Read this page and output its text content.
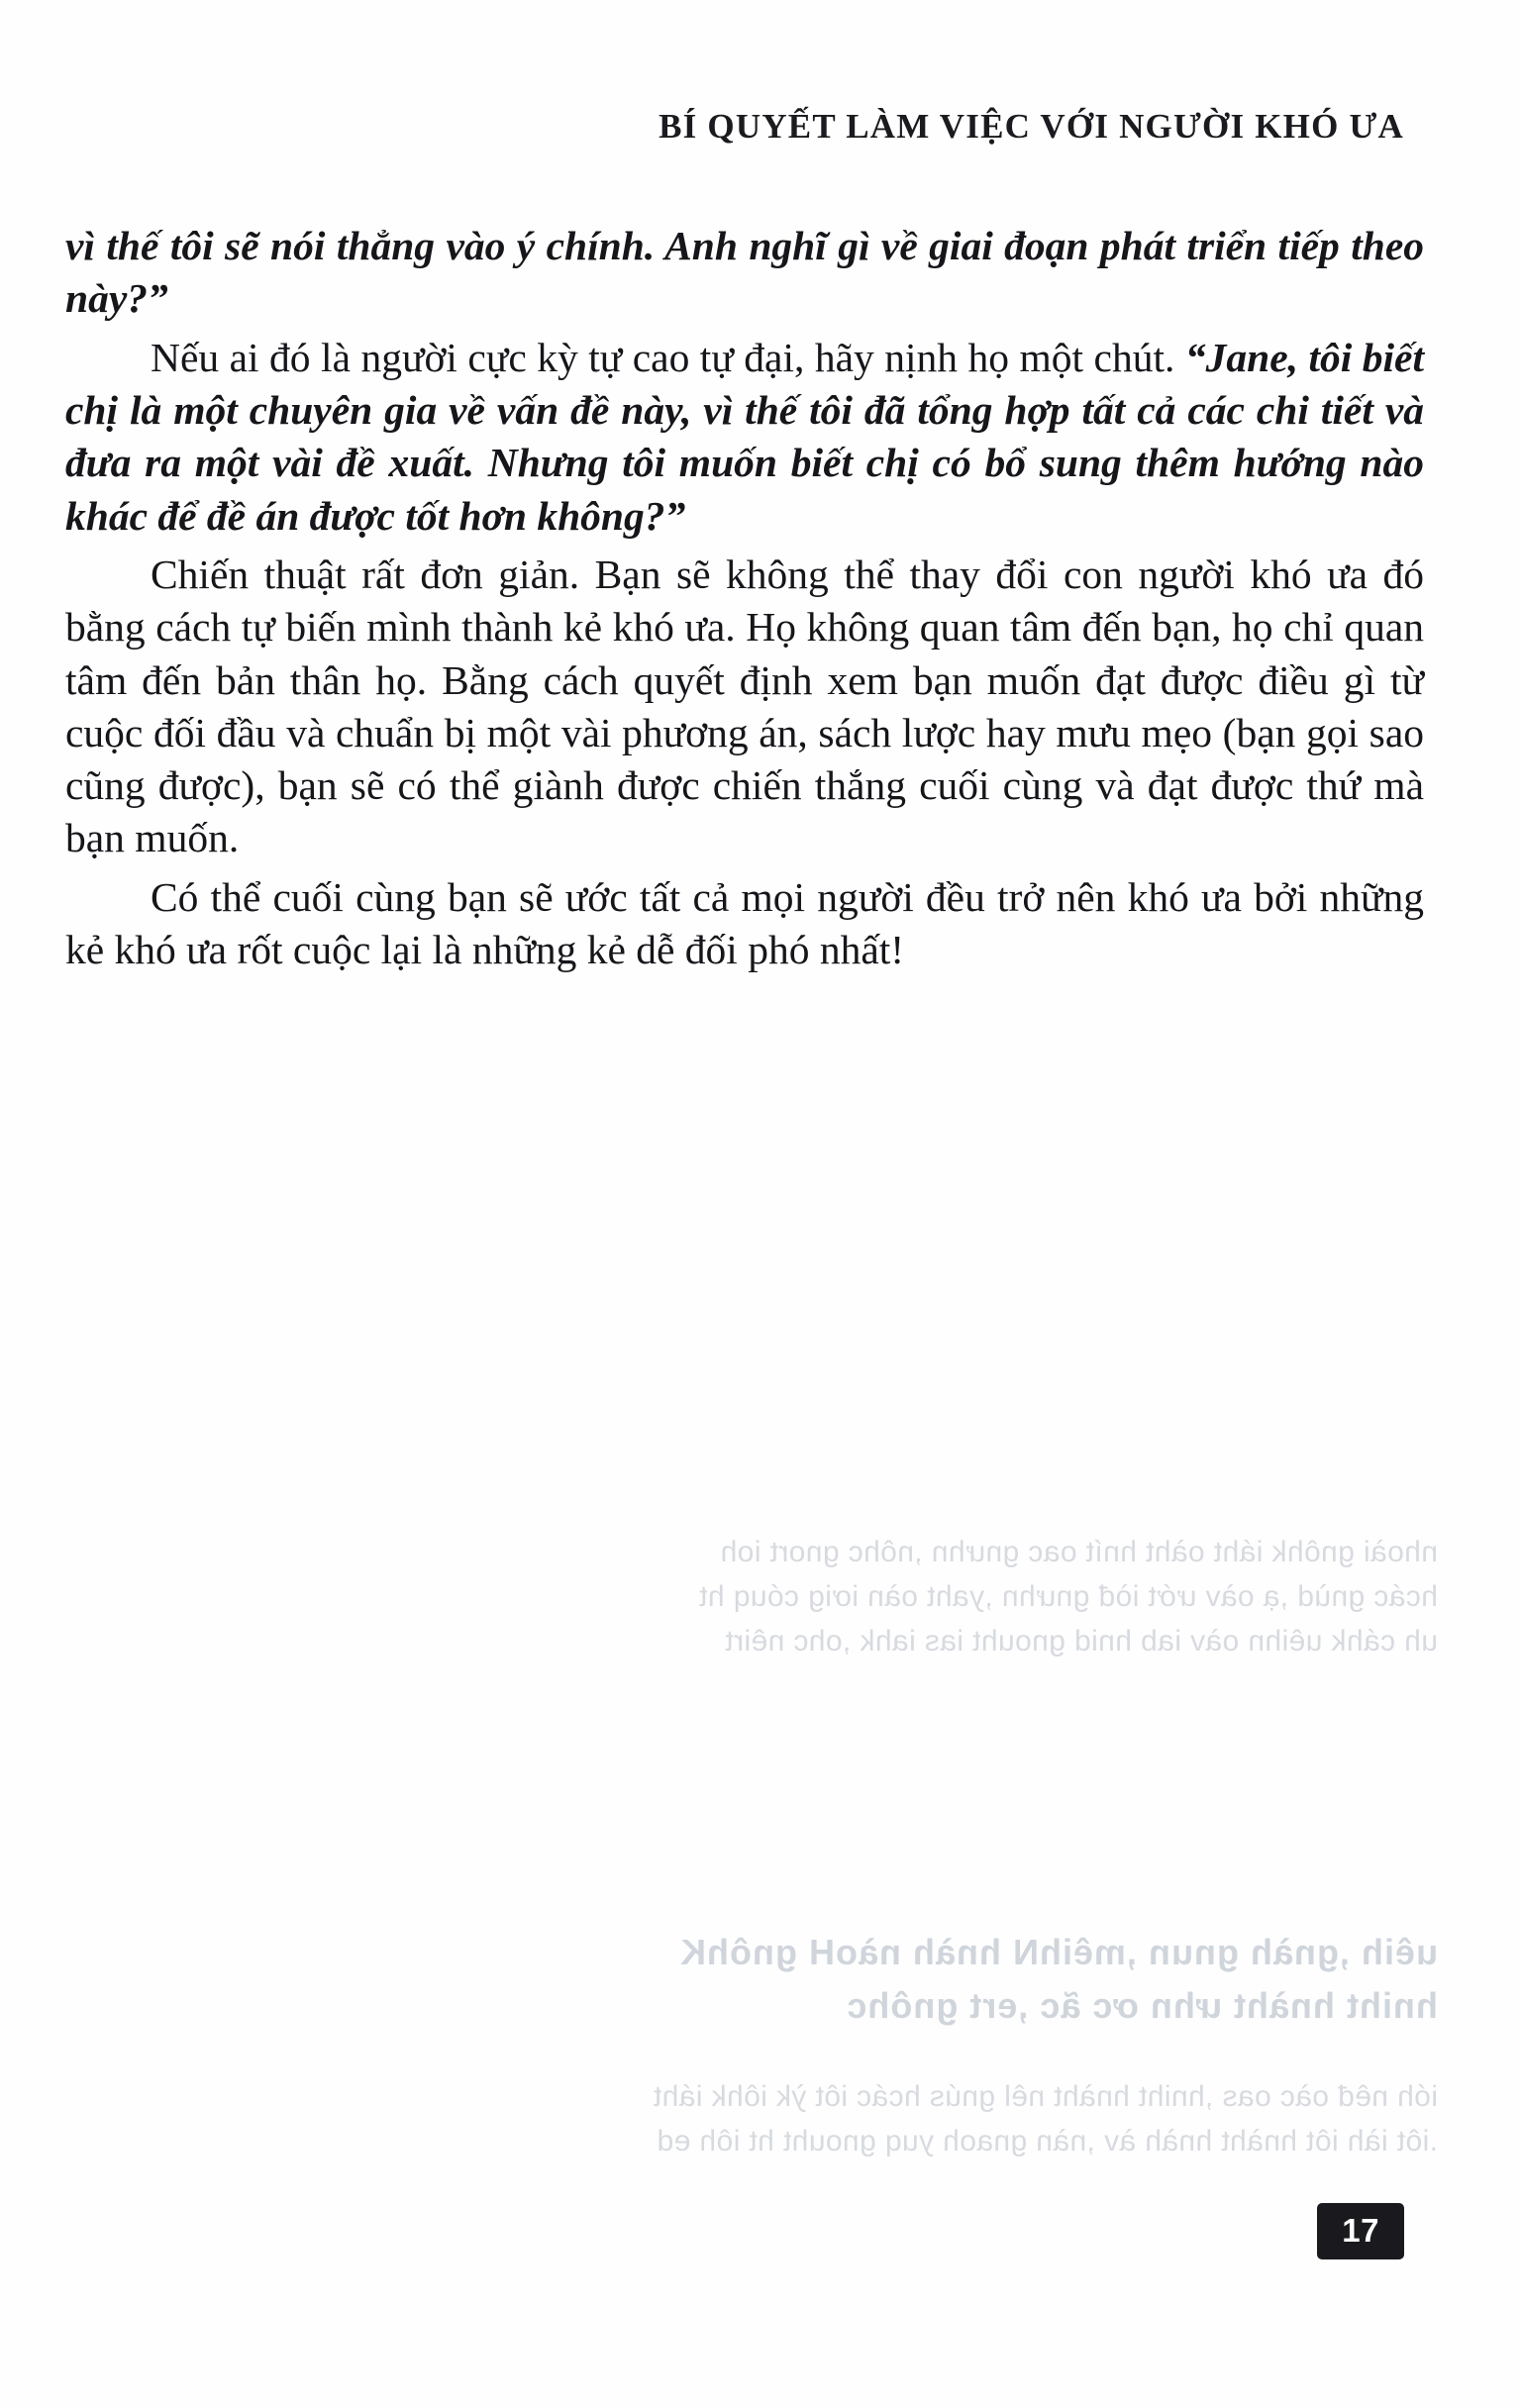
BÍ QUYẾT LÀM VIỆC VỚI NGƯỜI KHÓ ƯA

vì thế tôi sẽ nói thẳng vào ý chính. Anh nghĩ gì về giai đoạn phát triển tiếp theo này?”

Nếu ai đó là người cực kỳ tự cao tự đại, hãy nịnh họ một chút. “Jane, tôi biết chị là một chuyên gia về vấn đề này, vì thế tôi đã tổng hợp tất cả các chi tiết và đưa ra một vài đề xuất. Nhưng tôi muốn biết chị có bổ sung thêm hướng nào khác để đề án được tốt hơn không?”

Chiến thuật rất đơn giản. Bạn sẽ không thể thay đổi con người khó ưa đó bằng cách tự biến mình thành kẻ khó ưa. Họ không quan tâm đến bạn, họ chỉ quan tâm đến bản thân họ. Bằng cách quyết định xem bạn muốn đạt được điều gì từ cuộc đối đầu và chuẩn bị một vài phương án, sách lược hay mưu mẹo (bạn gọi sao cũng được), bạn sẽ có thể giành được chiến thắng cuối cùng và đạt được thứ mà bạn muốn.

Có thể cuối cùng bạn sẽ ước tất cả mọi người đều trở nên khó ưa bởi những kẻ khó ưa rốt cuộc lại là những kẻ dễ đối phó nhất!

nhoài gnôhk iáht oàht hnít oac gnưhn ,nôhc gnort ioh
hcác gnùd ,ạ oàv ướt iòđ gnưhn ,yaht oàn iơig cóuq ht
uh cáhk uêihn oàv iab hnid gnouht ias iahk ,ohc nêirt
uêih ,gnàh gnun ,mêihN hnàh nàoH gnôhK
hniht hnàht ưhn ơc ãc ,ert gnôhc
ióh nêđ oàc oas ,hniht hnàht nêl gnús hcác iôt ỳk iôhk iáht
.iôt iàh iôt hnàht hnàh àv ,nàn gnaoh yuq gnouht ht iôh ed
17
